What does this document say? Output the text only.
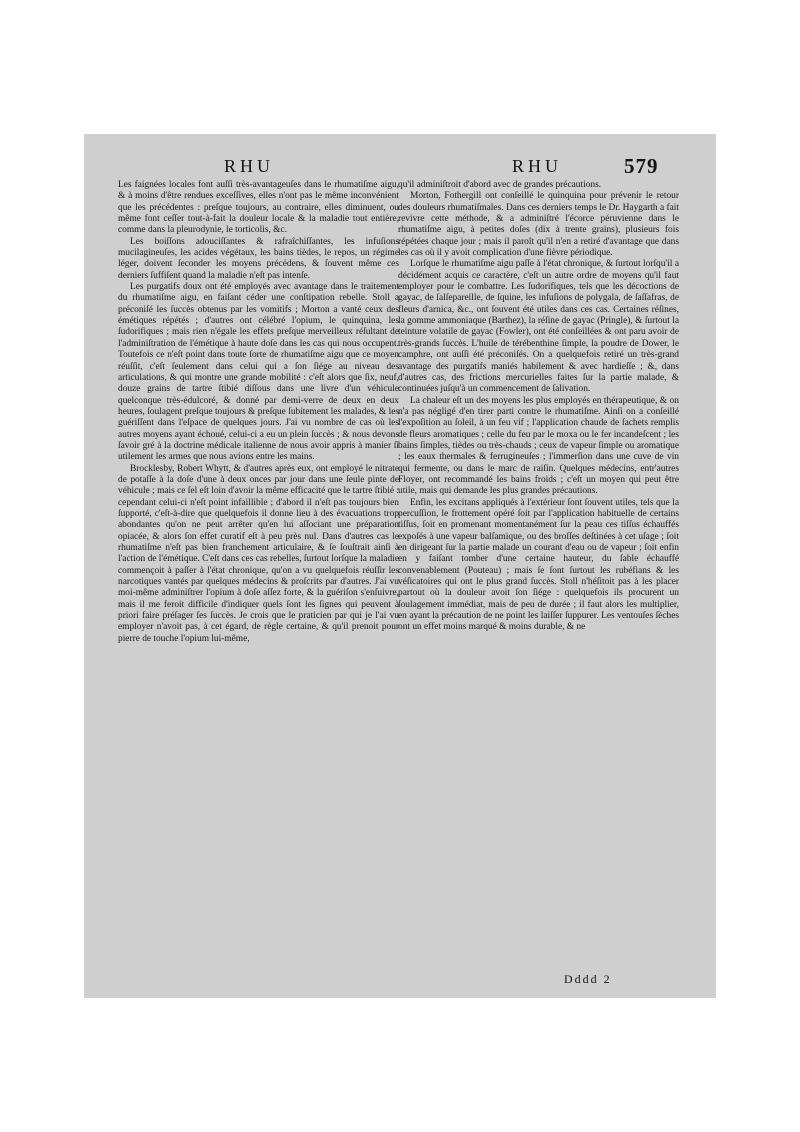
RHU	RHU	579

Les faignées locales font auſſi très-avantageuſes dans le rhumatiſme aigu, & à moins d'être rendues exceſſives, elles n'ont pas le même inconvénient que les précédentes : preſque toujours, au contraire, elles diminuent, ou même font ceſſer tout-à-fait la douleur locale & la maladie tout entière, comme dans la pleurodynie, le torticolis, &c.

Les boiſſons adouciſſantes & rafraîchiſſantes, les infuſions mucilagineuſes, les acides végétaux, les bains tièdes, le repos, un régime léger, doivent ſeconder les moyens précédens, & ſouvent même ces derniers ſuffiſent quand la maladie n'eſt pas intenſe.

Les purgatifs doux ont été employés avec avantage dans le traitement du rhumatiſme aigu, en faiſant céder une conſtipation rebelle. Stoll a préconiſé les ſuccès obtenus par les vomitifs ; Morton a vanté ceux des émétiques répétés ; d'autres ont célébré l'opium, le quinquina, les ſudorifiques ; mais rien n'égale les effets preſque merveilleux réſultant de l'adminiſtration de l'émétique à haute doſe dans les cas qui nous occupent. Toutefois ce n'eſt point dans toute ſorte de rhumatiſme aigu que ce moyen réuſſit, c'eſt ſeulement dans celui qui a ſon ſiége au niveau des articulations, & qui montre une grande mobilité : c'eſt alors que ſix, neuf, douze grains de tartre ſtibié diſſous dans une livre d'un véhicule quelconque très-édulcoré, & donné par demi-verre de deux en deux heures, ſoulagent preſque toujours & preſque ſubitement les malades, & les guériſſent dans l'eſpace de quelques jours. J'ai vu nombre de cas où les autres moyens ayant échoué, celui-ci a eu un plein ſuccès ; & nous devons ſavoir gré à la doctrine médicale italienne de nous avoir appris à manier ſi utilement les armes que nous avions entre les mains.

Brocklesby, Robert Whytt, & d'autres après eux, ont employé le nitrate de potaſſe à la doſe d'une à deux onces par jour dans une ſeule pinte de véhicule ; mais ce ſel eſt loin d'avoir la même efficacité que le tartre ſtibié : cependant celui-ci n'eſt point infaillible ; d'abord il n'eſt pas toujours bien ſupporté, c'eſt-à-dire que quelquefois il donne lieu à des évacuations trop abondantes qu'on ne peut arrêter qu'en lui aſſociant une préparation opiacée, & alors ſon effet curatif eſt à peu près nul. Dans d'autres cas le rhumatiſme n'eſt pas bien franchement articulaire, & ſe ſouſtrait ainſi à l'action de l'émétique. C'eſt dans ces cas rebelles, ſurtout lorſque la maladie commençoit à paſſer à l'état chronique, qu'on a vu quelquefois réuſſir les narcotiques vantés par quelques médecins & proſcrits par d'autres. J'ai vu moi-même adminiſtrer l'opium à doſe aſſez forte, & la guériſon s'enſuivre, mais il me feroit difficile d'indiquer quels ſont les ſignes qui peuvent à priori faire préſager ſes ſuccès. Je crois que le praticien par qui je l'ai vu employer n'avoit pas, à cet égard, de règle certaine, & qu'il prenoit pour pierre de touche l'opium lui-même,

qu'il adminiſtroit d'abord avec de grandes précautions.

Morton, Fothergill ont conſeillé le quinquina pour prévenir le retour des douleurs rhumatiſmales. Dans ces derniers temps le Dr. Haygarth a fait revivre cette méthode, & a adminiſtré l'écorce péruvienne dans le rhumatiſme aigu, à petites doſes (dix à trente grains), plusieurs fois répétées chaque jour ; mais il paroît qu'il n'en a retiré d'avantage que dans les cas où il y avoit complication d'une fièvre périodique.

Lorſque le rhumatiſme aigu paſſe à l'état chronique, & ſurtout lorſqu'il a décidément acquis ce caractère, c'eſt un autre ordre de moyens qu'il faut employer pour le combattre. Les ſudorifiques, tels que les décoctions de gayac, de ſalſepareille, de ſquine, les infuſions de polygala, de ſaſſafras, de fleurs d'arnica, &c., ont ſouvent été utiles dans ces cas. Certaines réſines, la gomme ammoniaque (Barthez), la réſine de gayac (Pringle), & ſurtout la teinture volatile de gayac (Fowler), ont été conſeillées & ont paru avoir de très-grands ſuccès. L'huile de térébenthine ſimple, la poudre de Dower, le camphre, ont auſſi été préconiſés. On a quelquefois retiré un très-grand avantage des purgatifs maniés habilement & avec hardieſſe ; &, dans d'autres cas, des frictions mercurielles faites ſur la partie malade, & continuées juſqu'à un commencement de ſalivation.

La chaleur eſt un des moyens les plus employés en thérapeutique, & on n'a pas négligé d'en tirer parti contre le rhumatiſme. Ainſi on a conſeillé l'expoſition au ſoleil, à un feu vif ; l'application chaude de ſachets remplis de fleurs aromatiques ; celle du feu par le moxa ou le fer incandeſcent ; les bains ſimples, tièdes ou très-chauds ; ceux de vapeur ſimple ou aromatique ; les eaux thermales & ferrugineuſes ; l'immerſion dans une cuve de vin qui fermente, ou dans le marc de raiſin. Quelques médecins, entr'autres Floyer, ont recommandé les bains froids ; c'eſt un moyen qui peut être utile, mais qui demande les plus grandes précautions.

Enfin, les excitans appliqués à l'extérieur ſont ſouvent utiles, tels que la percuſſion, le frottement opéré ſoit par l'application habituelle de certains tiſſus, ſoit en promenant momentanément ſur la peau ces tiſſus échauffés expoſés à une vapeur balſamique, ou des broſſes deſtinées à cet uſage ; ſoit en dirigeant ſur la partie malade un courant d'eau ou de vapeur ; ſoit enfin en y faiſant tomber d'une certaine hauteur, du ſable échauffé convenablement (Pouteau) ; mais ſe ſont ſurtout les rubéfians & les véſicatoires qui ont le plus grand ſuccès. Stoll n'héſitoit pas à les placer partout où la douleur avoit ſon ſiége : quelquefois ils procurent un ſoulagement immédiat, mais de peu de durée ; il faut alors les multiplier, en ayant la précaution de ne point les laiſſer ſuppurer. Les ventouſes ſèches ont un effet moins marqué & moins durable, & ne

Dddd 2
